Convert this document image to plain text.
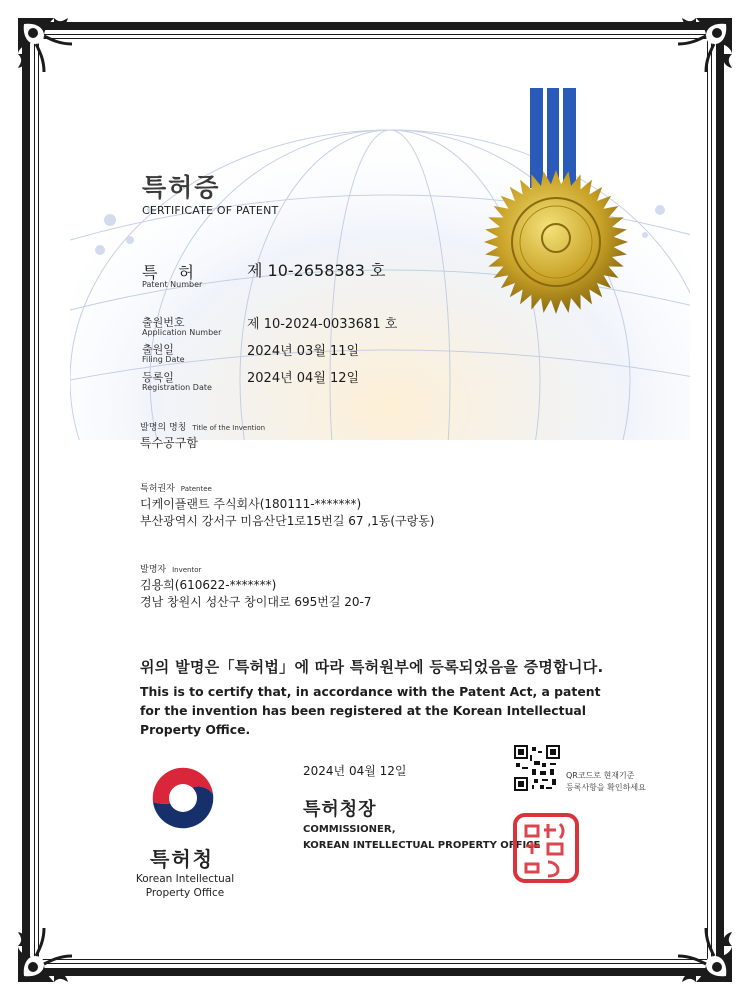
특허증
CERTIFICATE OF PATENT
특 허
Patent Number
제 10-2658383 호
출원번호
Application Number
제 10-2024-0033681 호
출원일
Filing Date
2024년 03월 11일
등록일
Registration Date
2024년 04월 12일
발명의 명칭 Title of the Invention
특수공구함
특허권자 Patentee
디케이플랜트 주식회사(180111-*******)
부산광역시 강서구 미음산단1로15번길 67 ,1동(구랑동)
발명자 Inventor
김용희(610622-*******)
경남 창원시 성산구 창이대로 695번길 20-7
위의 발명은「특허법」에 따라 특허원부에 등록되었음을 증명합니다.
This is to certify that, in accordance with the Patent Act, a patent for the invention has been registered at the Korean Intellectual Property Office.
2024년 04월 12일
특허청장
COMMISSIONER,
KOREAN INTELLECTUAL PROPERTY OFFICE
QR코드로 현재기준
등록사항을 확인하세요
특허청
Korean Intellectual Property Office
